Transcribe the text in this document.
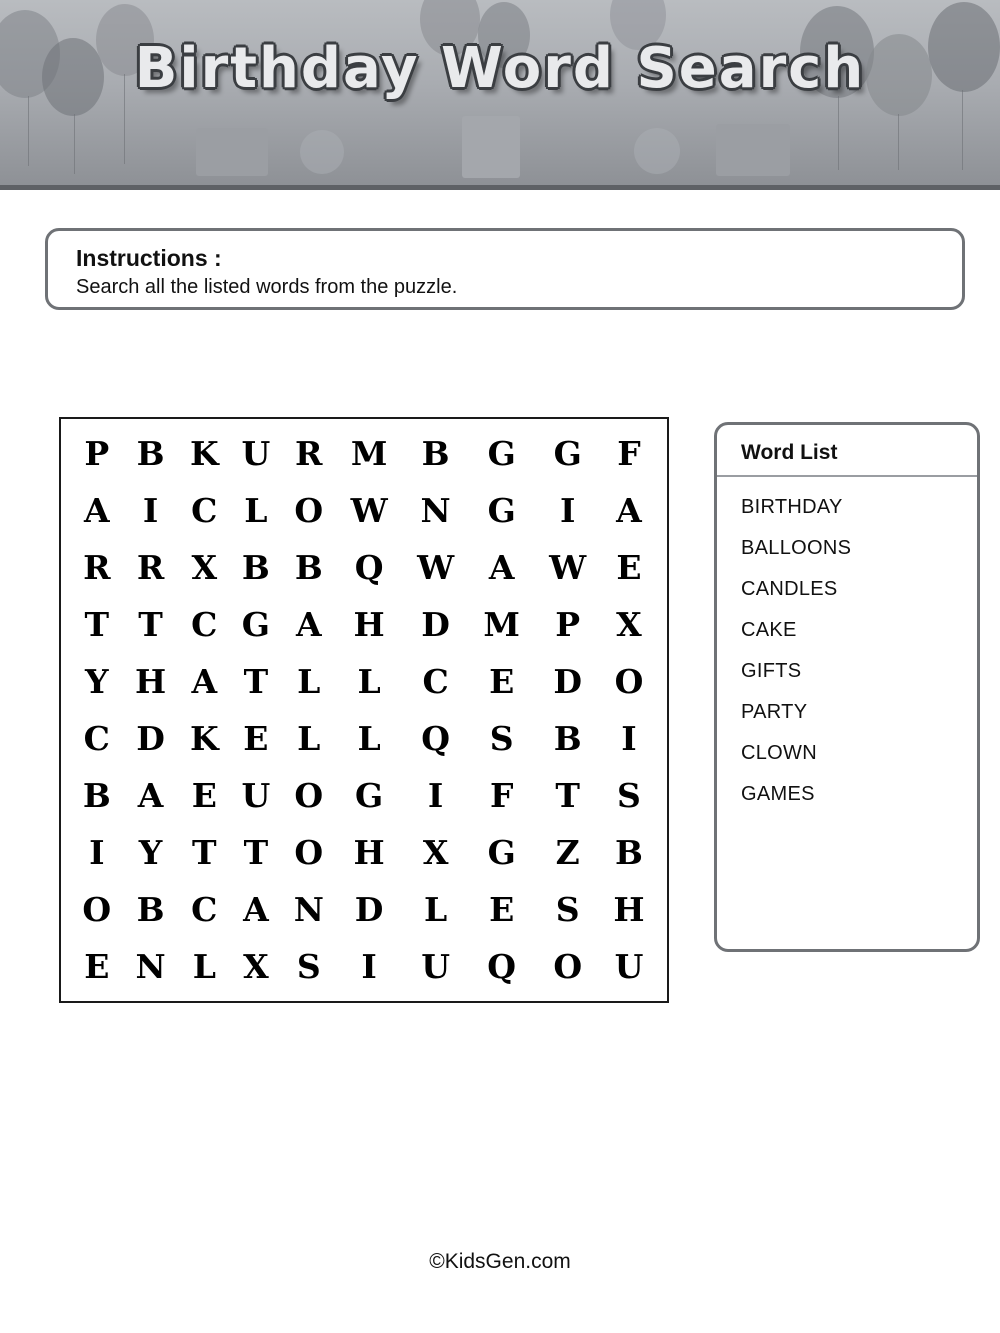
Birthday Word Search

Instructions :

Search all the listed words from the puzzle.

P	B	K	U	R	M	B	G	G	F
A	I	C	L	O	W	N	G	I	A
R	R	X	B	B	Q	W	A	W	E
T	T	C	G	A	H	D	M	P	X
Y	H	A	T	L	L	C	E	D	O
C	D	K	E	L	L	Q	S	B	I
B	A	E	U	O	G	I	F	T	S
I	Y	T	T	O	H	X	G	Z	B
O	B	C	A	N	D	L	E	S	H
E	N	L	X	S	I	U	Q	O	U
Word List
BIRTHDAY
BALLOONS
CANDLES
CAKE
GIFTS
PARTY
CLOWN
GAMES
©KidsGen.com
